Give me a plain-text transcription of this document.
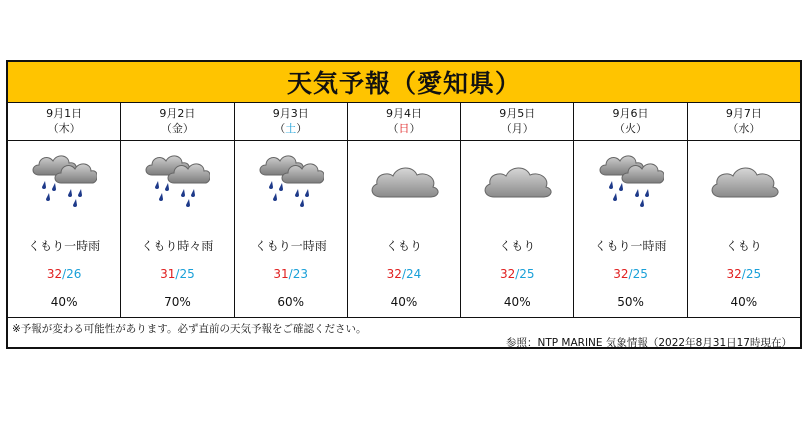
天気予報（愛知県）
9月1日
（木）
くもり一時雨
32/26
40%
9月2日
（金）
くもり時々雨
31/25
70%
9月3日
（土）
くもり一時雨
31/23
60%
9月4日
（日）
くもり
32/24
40%
9月5日
（月）
くもり
32/25
40%
9月6日
（火）
くもり一時雨
32/25
50%
9月7日
（水）
くもり
32/25
40%
※予報が変わる可能性があります。必ず直前の天気予報をご確認ください。
参照：NTP MARINE 気象情報（2022年8月31日17時現在）
